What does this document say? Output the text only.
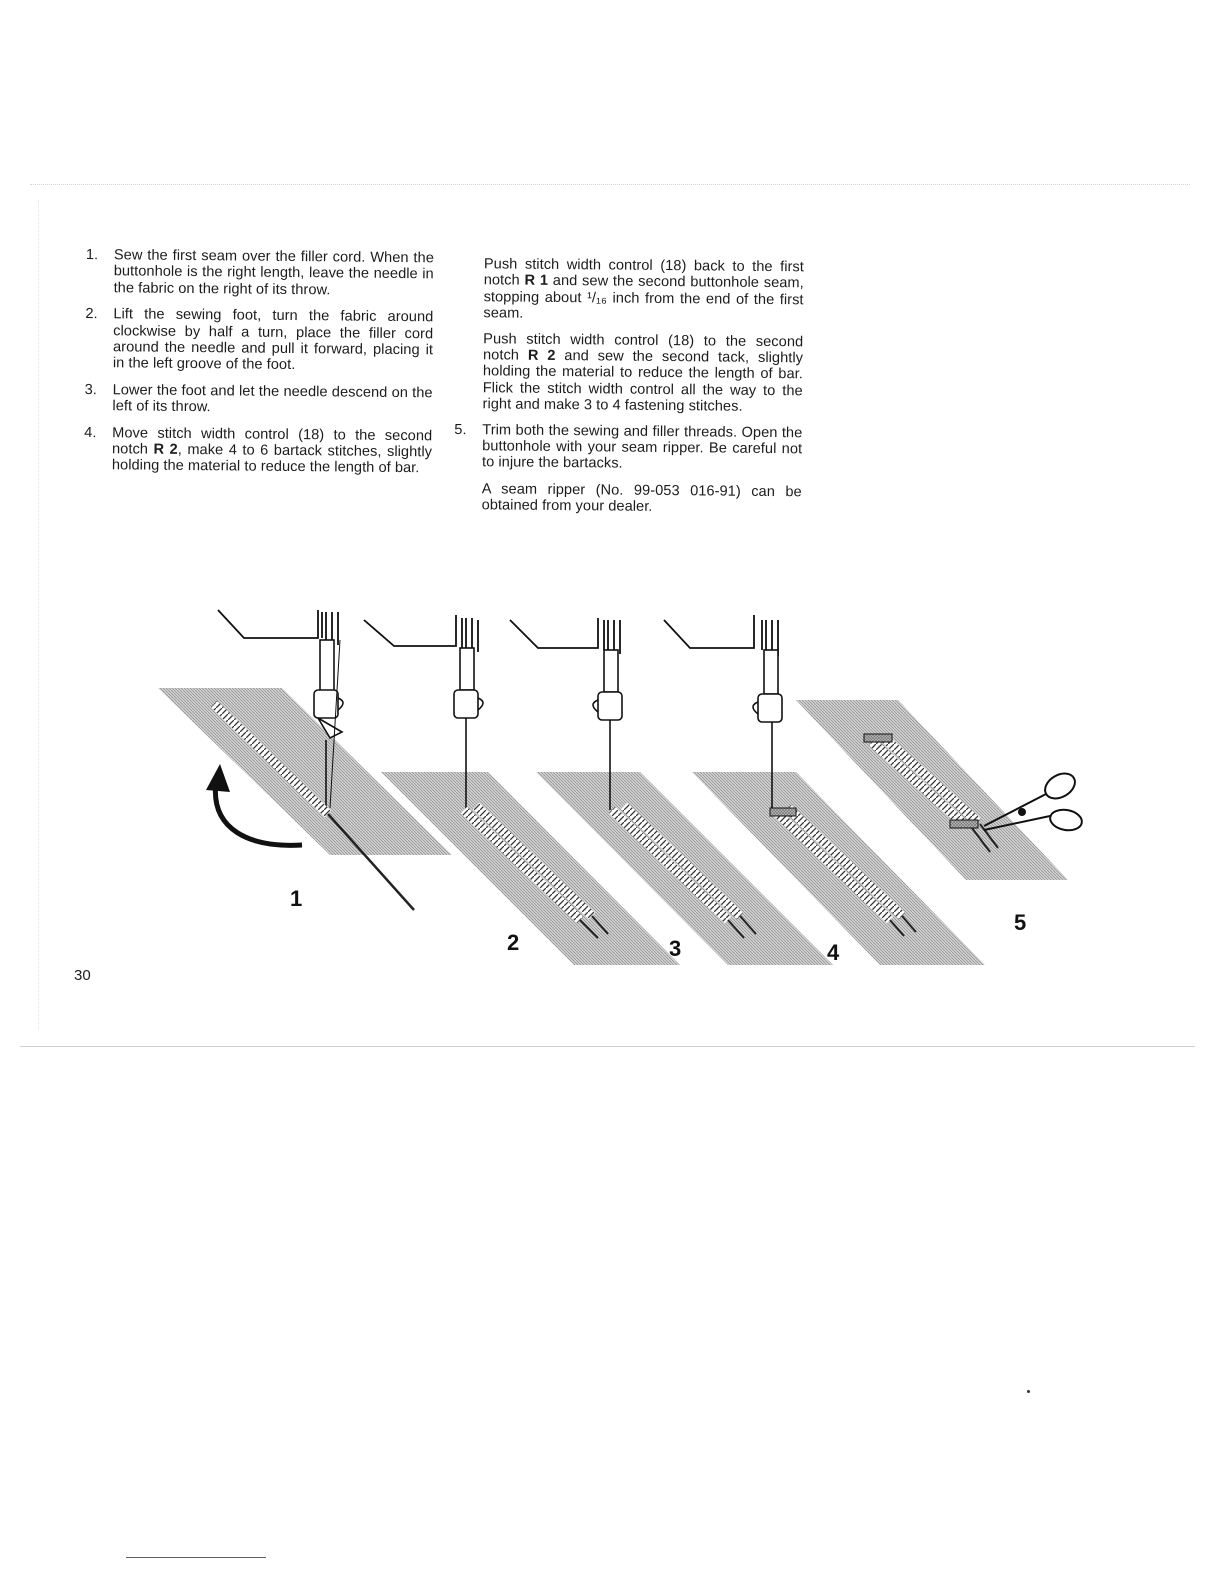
1. Sew the first seam over the filler cord. When the buttonhole is the right length, leave the needle in the fabric on the right of its throw.
2. Lift the sewing foot, turn the fabric around clockwise by half a turn, place the filler cord around the needle and pull it forward, placing it in the left groove of the foot.
3. Lower the foot and let the needle descend on the left of its throw.
4. Move stitch width control (18) to the second notch R 2, make 4 to 6 bartack stitches, slightly holding the material to reduce the length of bar.

Push stitch width control (18) back to the first notch R 1 and sew the second buttonhole seam, stopping about ¹/₁₆ inch from the end of the first seam.

Push stitch width control (18) to the second notch R 2 and sew the second tack, slightly holding the material to reduce the length of bar. Flick the stitch width control all the way to the right and make 3 to 4 fastening stitches.

5. Trim both the sewing and filler threads. Open the buttonhole with your seam ripper. Be careful not to injure the bartacks.

A seam ripper (No. 99-053 016-91) can be obtained from your dealer.

1
2	3	4
5
30
